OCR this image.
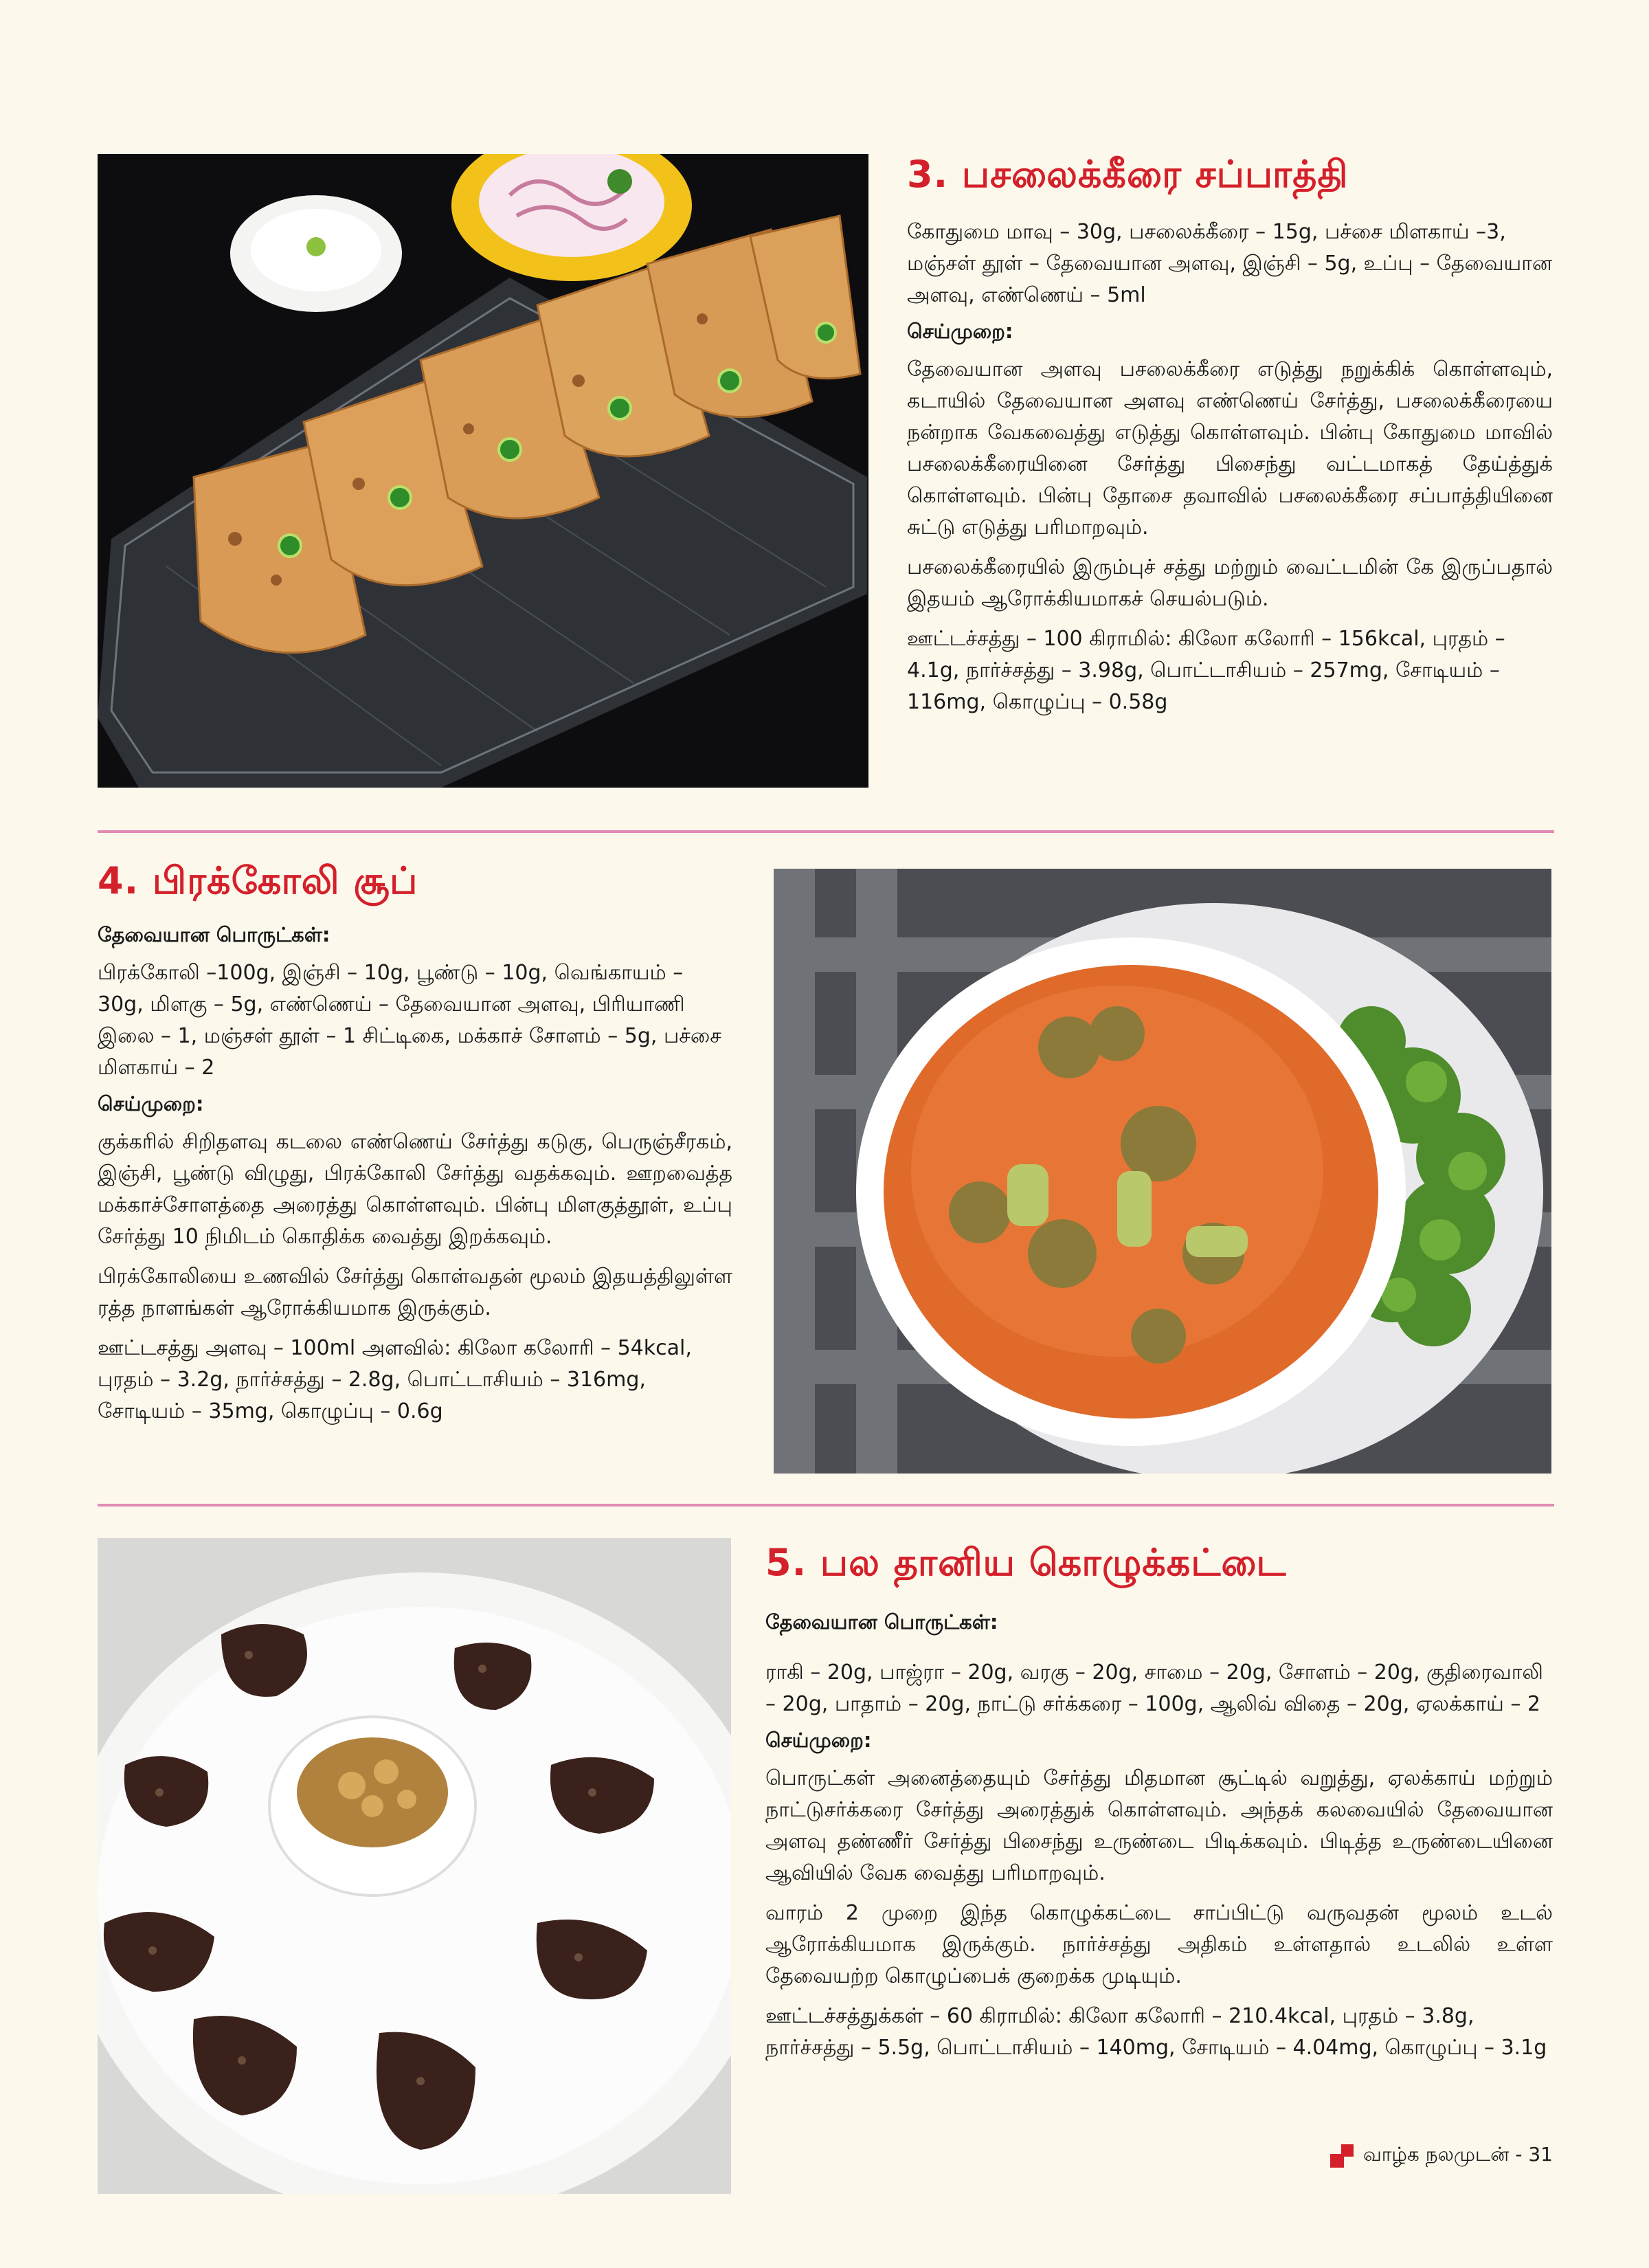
3. பசலைக்கீரை சப்பாத்தி

கோதுமை மாவு – 30g, பசலைக்கீரை – 15g, பச்சை மிளகாய் –3, மஞ்சள் தூள் – தேவையான அளவு, இஞ்சி – 5g, உப்பு – தேவையான அளவு, எண்ணெய் – 5ml

செய்முறை:

தேவையான அளவு பசலைக்கீரை எடுத்து நறுக்கிக் கொள்ளவும், கடாயில் தேவையான அளவு எண்ணெய் சேர்த்து, பசலைக்கீரையை நன்றாக வேகவைத்து எடுத்து கொள்ளவும். பின்பு கோதுமை மாவில் பசலைக்கீரையினை சேர்த்து பிசைந்து வட்டமாகத் தேய்த்துக் கொள்ளவும். பின்பு தோசை தவாவில் பசலைக்கீரை சப்பாத்தியினை சுட்டு எடுத்து பரிமாறவும்.

பசலைக்கீரையில் இரும்புச் சத்து மற்றும் வைட்டமின் கே இருப்பதால் இதயம் ஆரோக்கியமாகச் செயல்படும்.

ஊட்டச்சத்து – 100 கிராமில்: கிலோ கலோரி – 156kcal, புரதம் – 4.1g, நார்ச்சத்து – 3.98g, பொட்டாசியம் – 257mg, சோடியம் – 116mg, கொழுப்பு – 0.58g

4. பிரக்கோலி சூப்
தேவையான பொருட்கள்:

பிரக்கோலி –100g, இஞ்சி – 10g, பூண்டு – 10g, வெங்காயம் – 30g, மிளகு – 5g, எண்ணெய் – தேவையான அளவு, பிரியாணி இலை – 1, மஞ்சள் தூள் – 1 சிட்டிகை, மக்காச் சோளம் – 5g, பச்சை மிளகாய் – 2

செய்முறை:

குக்கரில் சிறிதளவு கடலை எண்ணெய் சேர்த்து கடுகு, பெருஞ்சீரகம், இஞ்சி, பூண்டு விழுது, பிரக்கோலி சேர்த்து வதக்கவும். ஊறவைத்த மக்காச்சோளத்தை அரைத்து கொள்ளவும். பின்பு மிளகுத்தூள், உப்பு சேர்த்து 10 நிமிடம் கொதிக்க வைத்து இறக்கவும்.

பிரக்கோலியை உணவில் சேர்த்து கொள்வதன் மூலம் இதயத்திலுள்ள ரத்த நாளங்கள் ஆரோக்கியமாக இருக்கும்.

ஊட்டசத்து அளவு – 100ml அளவில்: கிலோ கலோரி – 54kcal, புரதம் – 3.2g, நார்ச்சத்து – 2.8g, பொட்டாசியம் – 316mg, சோடியம் – 35mg, கொழுப்பு – 0.6g

5. பல தானிய கொழுக்கட்டை
தேவையான பொருட்கள்:

ராகி – 20g, பாஜ்ரா – 20g, வரகு – 20g, சாமை – 20g, சோளம் – 20g, குதிரைவாலி – 20g, பாதாம் – 20g, நாட்டு சர்க்கரை – 100g, ஆலிவ் விதை – 20g, ஏலக்காய் – 2

செய்முறை:

பொருட்கள் அனைத்தையும் சேர்த்து மிதமான சூட்டில் வறுத்து, ஏலக்காய் மற்றும் நாட்டுசர்க்கரை சேர்த்து அரைத்துக் கொள்ளவும். அந்தக் கலவையில் தேவையான அளவு தண்ணீர் சேர்த்து பிசைந்து உருண்டை பிடிக்கவும். பிடித்த உருண்டையினை ஆவியில் வேக வைத்து பரிமாறவும்.

வாரம் 2 முறை இந்த கொழுக்கட்டை சாப்பிட்டு வருவதன் மூலம் உடல் ஆரோக்கியமாக இருக்கும். நார்ச்சத்து அதிகம் உள்ளதால் உடலில் உள்ள தேவையற்ற கொழுப்பைக் குறைக்க முடியும்.

ஊட்டச்சத்துக்கள் – 60 கிராமில்: கிலோ கலோரி – 210.4kcal, புரதம் – 3.8g, நார்ச்சத்து – 5.5g, பொட்டாசியம் – 140mg, சோடியம் – 4.04mg, கொழுப்பு – 3.1g

வாழ்க நலமுடன் - 31
